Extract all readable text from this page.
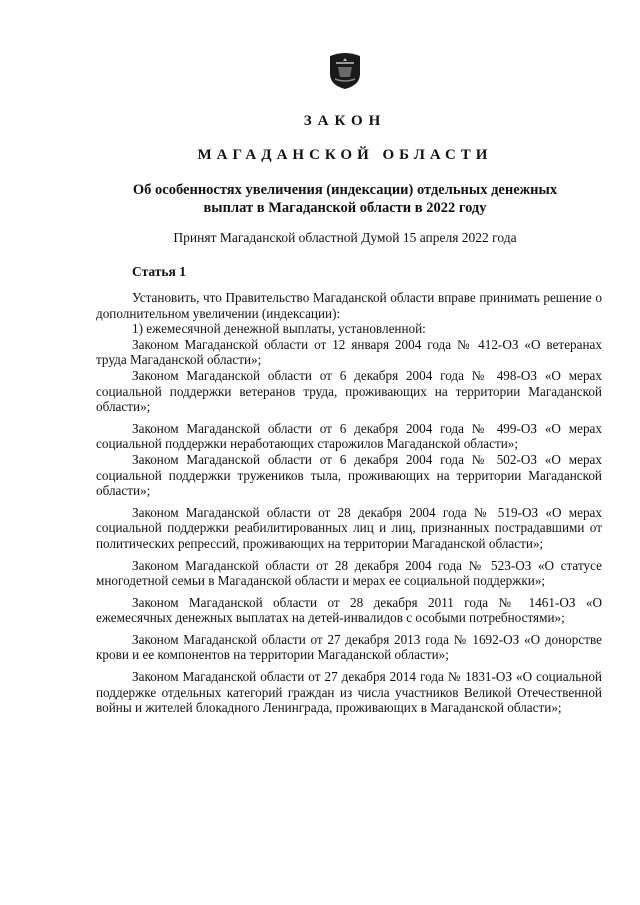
ЗАКОН
МАГАДАНСКОЙ ОБЛАСТИ
Об особенностях увеличения (индексации) отдельных денежных выплат в Магаданской области в 2022 году
Принят Магаданской областной Думой 15 апреля 2022 года
Статья 1

Установить, что Правительство Магаданской области вправе принимать решение о дополнительном увеличении (индексации):

1) ежемесячной денежной выплаты, установленной:

Законом Магаданской области от 12 января 2004 года № 412-ОЗ «О ветеранах труда Магаданской области»;

Законом Магаданской области от 6 декабря 2004 года № 498-ОЗ «О мерах социальной поддержки ветеранов труда, проживающих на территории Магаданской области»;

Законом Магаданской области от 6 декабря 2004 года № 499-ОЗ «О мерах социальной поддержки неработающих старожилов Магаданской области»;

Законом Магаданской области от 6 декабря 2004 года № 502-ОЗ «О мерах социальной поддержки тружеников тыла, проживающих на территории Магаданской области»;

Законом Магаданской области от 28 декабря 2004 года № 519-ОЗ «О мерах социальной поддержки реабилитированных лиц и лиц, признанных пострадавшими от политических репрессий, проживающих на территории Магаданской области»;

Законом Магаданской области от 28 декабря 2004 года № 523-ОЗ «О статусе многодетной семьи в Магаданской области и мерах ее социальной поддержки»;

Законом Магаданской области от 28 декабря 2011 года № 1461-ОЗ «О ежемесячных денежных выплатах на детей-инвалидов с особыми потребностями»;

Законом Магаданской области от 27 декабря 2013 года № 1692-ОЗ «О донорстве крови и ее компонентов на территории Магаданской области»;

Законом Магаданской области от 27 декабря 2014 года № 1831-ОЗ «О социальной поддержке отдельных категорий граждан из числа участников Великой Отечественной войны и жителей блокадного Ленинграда, проживающих в Магаданской области»;
